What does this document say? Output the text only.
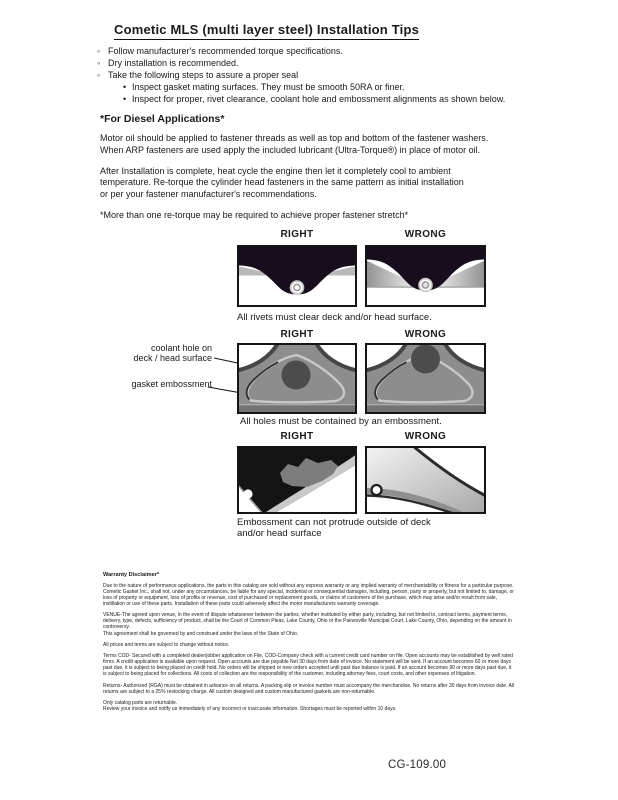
Cometic MLS (multi layer steel) Installation Tips
◦ Follow manufacturer's recommended torque specifications.
◦ Dry installation is recommended.
◦ Take the following steps to assure a proper seal
• Inspect gasket mating surfaces. They must be smooth 50RA or finer.
• Inspect for proper, rivet clearance, coolant hole and embossment alignments as shown below.
*For Diesel Applications*

Motor oil should be applied to fastener threads as well as top and bottom of the fastener washers.
When ARP fasteners are used apply the included lubricant (Ultra-Torque®) in place of motor oil.

After Installation is complete, heat cycle the engine then let it completely cool to ambient
temperature. Re-torque the cylinder head fasteners in the same pattern as initial installation
or per your fastener manufacturer's recommendations.

*More than one re-torque may be required to achieve proper fastener stretch*

RIGHT	WRONG
All rivets must clear deck and/or head surface.
RIGHT	WRONG
coolant hole on
deck / head surface
gasket embossment
All holes must be contained by an embossment.
RIGHT	WRONG
Embossment can not protrude outside of deck
and/or head surface
Warranty Disclaimer*

Due to the nature of performance applications, the parts in this catalog are sold without any express warranty or any implied warranty of merchantability or fitness for a particular purpose. Cometic Gasket Inc., shall not, under any circumstances, be liable for any special, incidental or consequential damages, including, person, party or property, but not limited to, damage, or loss of property or equipment, loss of profits or revenue, cost of purchased or replacement goods, or claims of customers of the purchase, which may arise and/or result from sale, instillation or use of these parts. Installation of these parts could adversely affect the motor manufacturers warranty coverage.

VENUE-The agreed upon venue, in the event of dispute whatsoever between the parties, whether instituted by either party, including, but not limited to, contract terms, payment terms, delivery, type, defects, sufficiency of product, shall be the Court of Common Pleas, Lake County, Ohio or the Painesville Municipal Court, Lake County, Ohio, depending on the amount in controversy.
This agreement shall be governed by and construed under the laws of the State of Ohio.

All prices and terms are subject to change without notice.

Terms COD- Secured with a completed dealer/jobber application on File, COD-Company check with a current credit card number on file. Open accounts may be established by well rated firms. A credit application is available upon request. Open accounts are due payable Net 30 days from date of invoice. No statement will be sent. If an account becomes 60 or more days past due, it is subject to being placed on credit hold. No orders will be shipped or new orders accepted until past due balance is paid. If an account becomes 90 or more days past due, it is subject to being placed for collections. All costs of collection are the responsibility of the customer, including attorney fees, court costs, and other expenses of litigation.

Returns- Authorized (RGA) must be obtained in advance on all returns. A packing slip or invoice number must accompany the merchandise. No returns after 30 days from invoice date. All returns are subject to a 25% restocking charge. All custom designed and custom manufactured gaskets are non-returnable.

Only catalog parts are returnable.
Review your invoice and notify us immediately of any incorrect or inaccurate information. Shortages must be reported within 10 days.

CG-109.00
